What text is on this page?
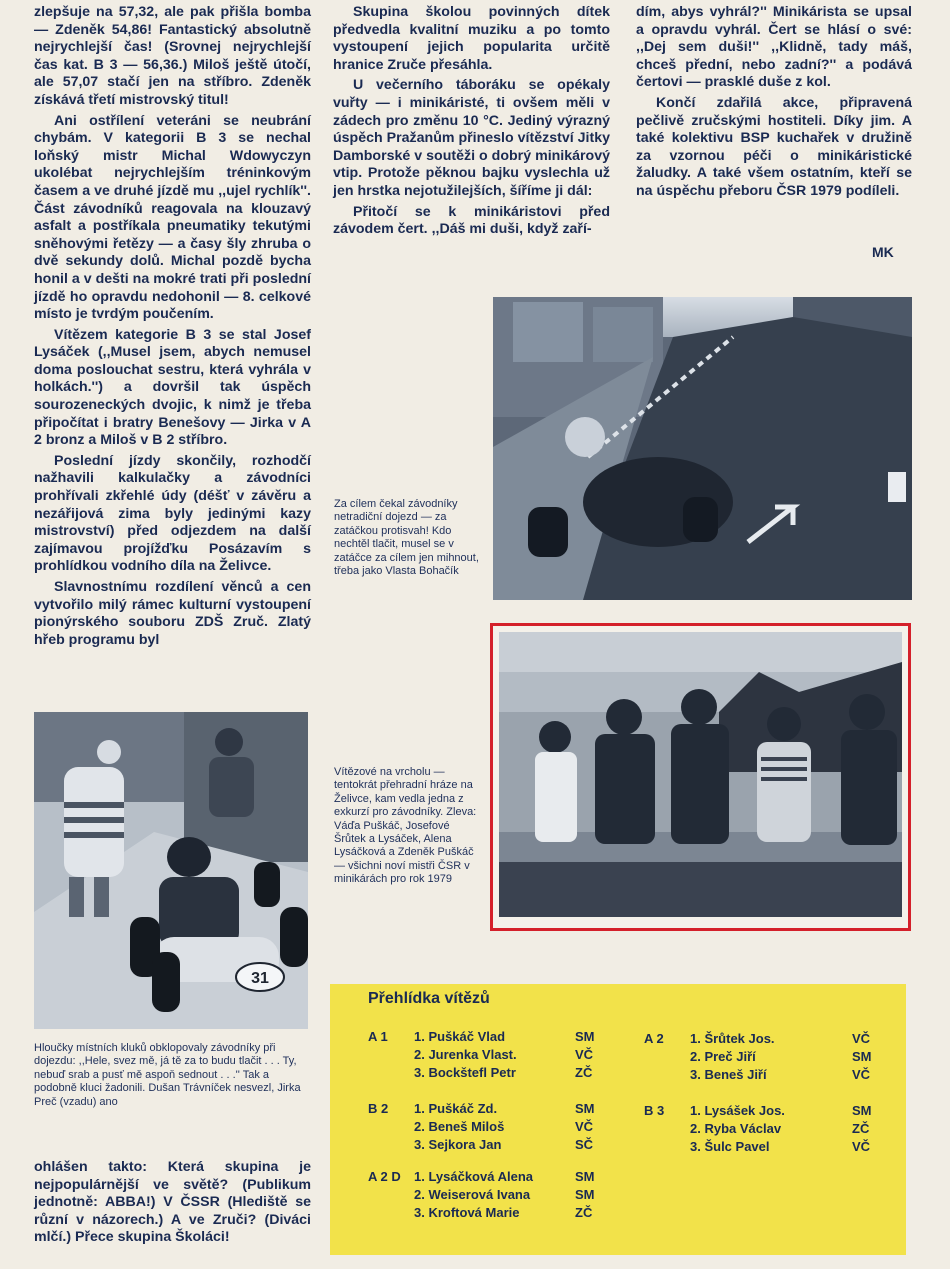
zlepšuje na 57,32, ale pak přišla bomba — Zdeněk 54,86! Fantastický absolutně nejrychlejší čas! (Srovnej nejrychlejší čas kat. B 3 — 56,36.) Miloš ještě útočí, ale 57,07 stačí jen na stříbro. Zdeněk získává třetí mistrovský titul!

Ani ostřílení veteráni se neubrání chybám. V kategorii B 3 se nechal loňský mistr Michal Wdowyczyn ukolébat nejrychlejším tréninkovým časem a ve druhé jízdě mu ,,ujel rychlík''. Část závodníků reagovala na klouzavý asfalt a postříkala pneumatiky tekutými sněhovými řetězy — a časy šly zhruba o dvě sekundy dolů. Michal pozdě bycha honil a v dešti na mokré trati při poslední jízdě ho opravdu nedohonil — 8. celkové místo je tvrdým poučením.

Vítězem kategorie B 3 se stal Josef Lysáček (,,Musel jsem, abych nemusel doma poslouchat sestru, která vyhrála v holkách.'') a dovršil tak úspěch sourozeneckých dvojic, k nimž je třeba připočítat i bratry Benešovy — Jirka v A 2 bronz a Miloš v B 2 stříbro.

Poslední jízdy skončily, rozhodčí nažhavili kalkulačky a závodníci prohřívali zkřehlé údy (déšť v závěru a nezářijová zima byly jedinými kazy mistrovství) před odjezdem na další zajímavou projížďku Posázavím s prohlídkou vodního díla na Želivce.

Slavnostnímu rozdílení věnců a cen vytvořilo milý rámec kulturní vystoupení pionýrského souboru ZDŠ Zruč. Zlatý hřeb programu byl

Skupina školou povinných dítek předvedla kvalitní muziku a po tomto vystoupení jejich popularita určitě hranice Zruče přesáhla.

U večerního táboráku se opékaly vuřty — i minikáristé, ti ovšem měli v zádech pro změnu 10 °C. Jediný výrazný úspěch Pražanům přineslo vítězství Jitky Damborské v soutěži o dobrý minikárový vtip. Protože pěknou bajku vyslechla už jen hrstka nejotužilejších, šíříme ji dál:

Přitočí se k minikáristovi před závodem čert. ,,Dáš mi duši, když zaří-

dím, abys vyhrál?'' Minikárista se upsal a opravdu vyhrál. Čert se hlásí o své: ,,Dej sem duši!'' ,,Klidně, tady máš, chceš přední, nebo zadní?'' a podává čertovi — prasklé duše z kol.

Končí zdařilá akce, připravená pečlivě zručskými hostiteli. Díky jim. A také kolektivu BSP kuchařek v družině za vzornou péči o minikáristické žaludky. A také všem ostatním, kteří se na úspěchu přeboru ČSR 1979 podíleli.

MK
Za cílem čekal závodníky netradiční dojezd — za zatáčkou protisvah! Kdo nechtěl tlačit, musel se v zatáčce za cílem jen mihnout, třeba jako Vlasta Bohačík
Vítězové na vrcholu — tentokrát přehradní hráze na Želivce, kam vedla jedna z exkurzí pro závodníky. Zleva: Váďa Puškáč, Josefové Šrůtek a Lysáček, Alena Lysáčková a Zdeněk Puškáč — všichni noví mistři ČSR v minikárách pro rok 1979
31
Hloučky místních kluků obklopovaly závodníky při dojezdu: ,,Hele, svez mě, já tě za to budu tlačit . . . Ty, nebuď srab a pusť mě aspoň sednout . . .'' Tak a podobně kluci žadonili. Dušan Trávníček nesvezl, Jirka Preč (vzadu) ano

ohlášen takto: Která skupina je nejpopulárnější ve světě? (Publikum jednotně: ABBA!) V ČSSR (Hlediště se různí v názorech.) A ve Zruči? (Diváci mlčí.) Přece skupina Školáci!

Přehlídka vítězů
A 1 1. Puškáč Vlad	SM
2. Jurenka Vlast.	VČ
3. Bockštefl Petr	ZČ
B 2 1. Puškáč Zd.	SM
2. Beneš Miloš	VČ
3. Sejkora Jan	SČ
A 2 D 1. Lysáčková Alena	SM
2. Weiserová Ivana	SM
3. Kroftová Marie	ZČ
A 2 1. Šrůtek Jos.	VČ
2. Preč Jiří	SM
3. Beneš Jiří	VČ
B 3 1. Lysášek Jos.	SM
2. Ryba Václav	ZČ
3. Šulc Pavel	VČ
